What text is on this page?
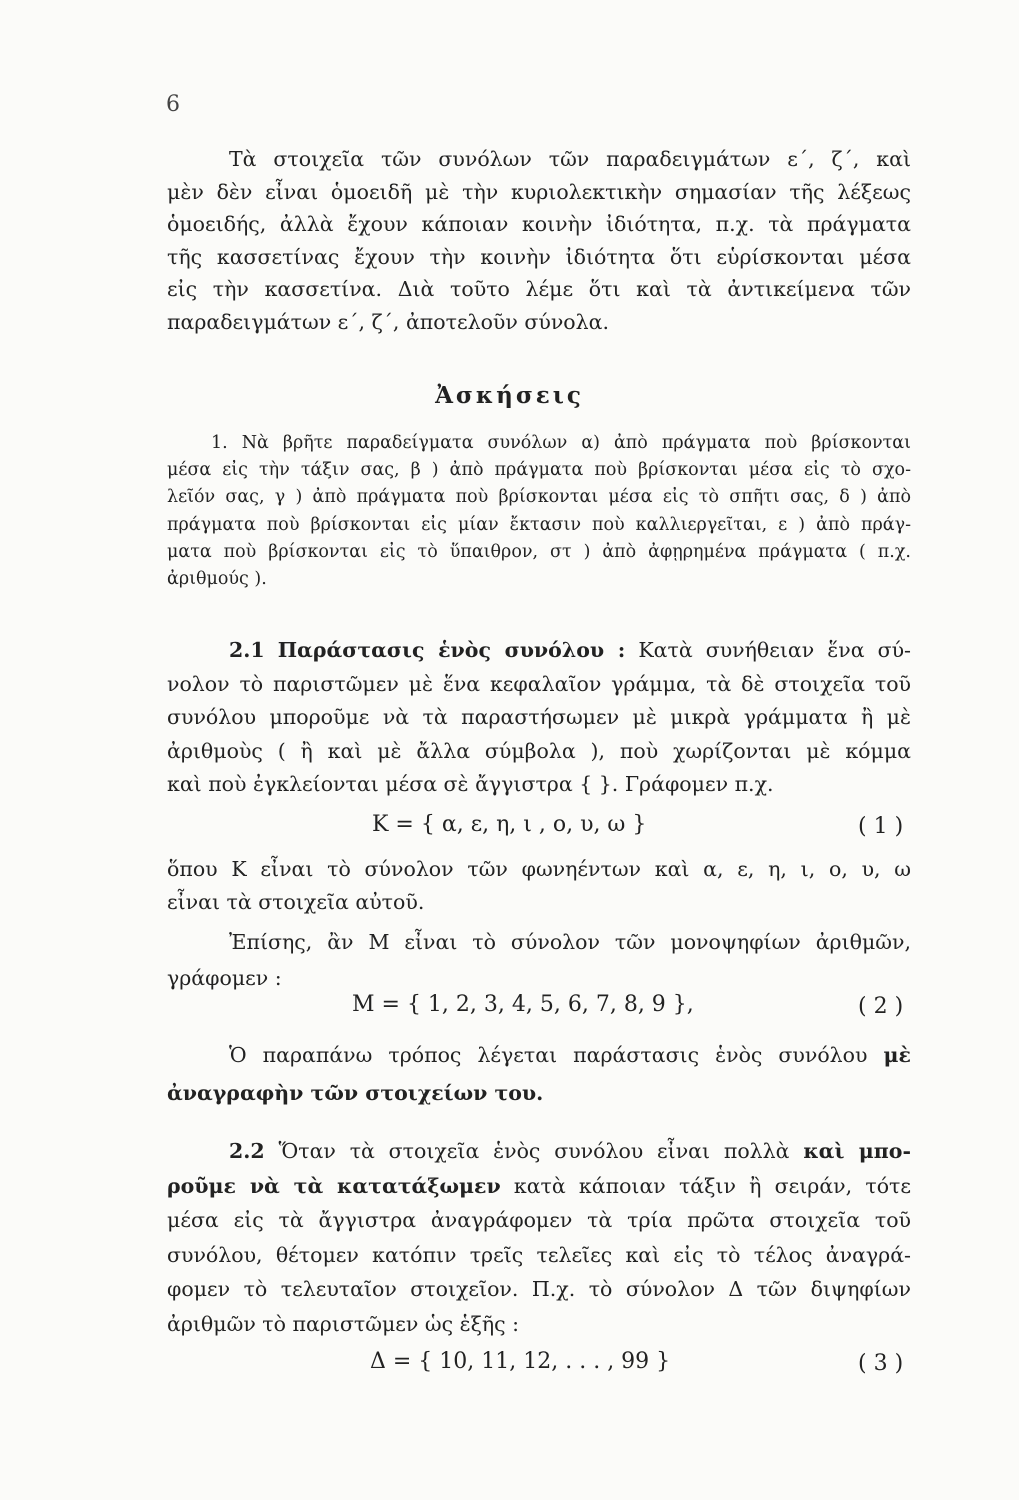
6
Τὰ στοιχεῖα τῶν συνόλων τῶν παραδειγμάτων ε΄, ζ΄, καὶ
μὲν δὲν εἶναι ὁμοειδῆ μὲ τὴν κυριολεκτικὴν σημασίαν τῆς λέξεως
ὁμοειδής, ἀλλὰ ἔχουν κάποιαν κοινὴν ἰδιότητα, π.χ. τὰ πράγματα
τῆς κασσετίνας ἔχουν τὴν κοινὴν ἰδιότητα ὅτι εὑρίσκονται μέσα
εἰς τὴν κασσετίνα. Διὰ τοῦτο λέμε ὅτι καὶ τὰ ἀντικείμενα τῶν
παραδειγμάτων ε΄, ζ΄, ἀποτελοῦν σύνολα.
Ἀσκήσεις
1. Νὰ βρῆτε παραδείγματα συνόλων α) ἀπὸ πράγματα ποὺ βρίσκονται
μέσα εἰς τὴν τάξιν σας, β ) ἀπὸ πράγματα ποὺ βρίσκονται μέσα εἰς τὸ σχο-
λεῖόν σας, γ ) ἀπὸ πράγματα ποὺ βρίσκονται μέσα εἰς τὸ σπῆτι σας, δ ) ἀπὸ
πράγματα ποὺ βρίσκονται εἰς μίαν ἔκτασιν ποὺ καλλιεργεῖται, ε ) ἀπὸ πράγ-
ματα ποὺ βρίσκονται εἰς τὸ ὕπαιθρον, στ ) ἀπὸ ἀφῃρημένα πράγματα ( π.χ.
ἀριθμούς ).
2.1 Παράστασις ἑνὸς συνόλου : Κατὰ συνήθειαν ἕνα σύ-
νολον τὸ παριστῶμεν μὲ ἕνα κεφαλαῖον γράμμα, τὰ δὲ στοιχεῖα τοῦ
συνόλου μποροῦμε νὰ τὰ παραστήσωμεν μὲ μικρὰ γράμματα ἢ μὲ
ἀριθμοὺς ( ἢ καὶ μὲ ἄλλα σύμβολα ), ποὺ χωρίζονται μὲ κόμμα
καὶ ποὺ ἐγκλείονται μέσα σὲ ἄγγιστρα { }. Γράφομεν π.χ.
K = { α, ε, η, ι , ο, υ, ω }	( 1 )
ὅπου Κ εἶναι τὸ σύνολον τῶν φωνηέντων καὶ α, ε, η, ι, ο, υ, ω
εἶναι τὰ στοιχεῖα αὐτοῦ.
Ἐπίσης, ἂν Μ εἶναι τὸ σύνολον τῶν μονοψηφίων ἀριθμῶν,
γράφομεν :
M = { 1, 2, 3, 4, 5, 6, 7, 8, 9 },	( 2 )
Ὁ παραπάνω τρόπος λέγεται παράστασις ἑνὸς συνόλου μὲ
ἀναγραφὴν τῶν στοιχείων του.
2.2 Ὅταν τὰ στοιχεῖα ἑνὸς συνόλου εἶναι πολλὰ καὶ μπο-
ροῦμε νὰ τὰ κατατάξωμεν κατὰ κάποιαν τάξιν ἢ σειράν, τότε
μέσα εἰς τὰ ἄγγιστρα ἀναγράφομεν τὰ τρία πρῶτα στοιχεῖα τοῦ
συνόλου, θέτομεν κατόπιν τρεῖς τελεῖες καὶ εἰς τὸ τέλος ἀναγρά-
φομεν τὸ τελευταῖον στοιχεῖον. Π.χ. τὸ σύνολον Δ τῶν διψηφίων
ἀριθμῶν τὸ παριστῶμεν ὡς ἑξῆς :
Δ = { 10, 11, 12, . . . , 99 }	( 3 )
